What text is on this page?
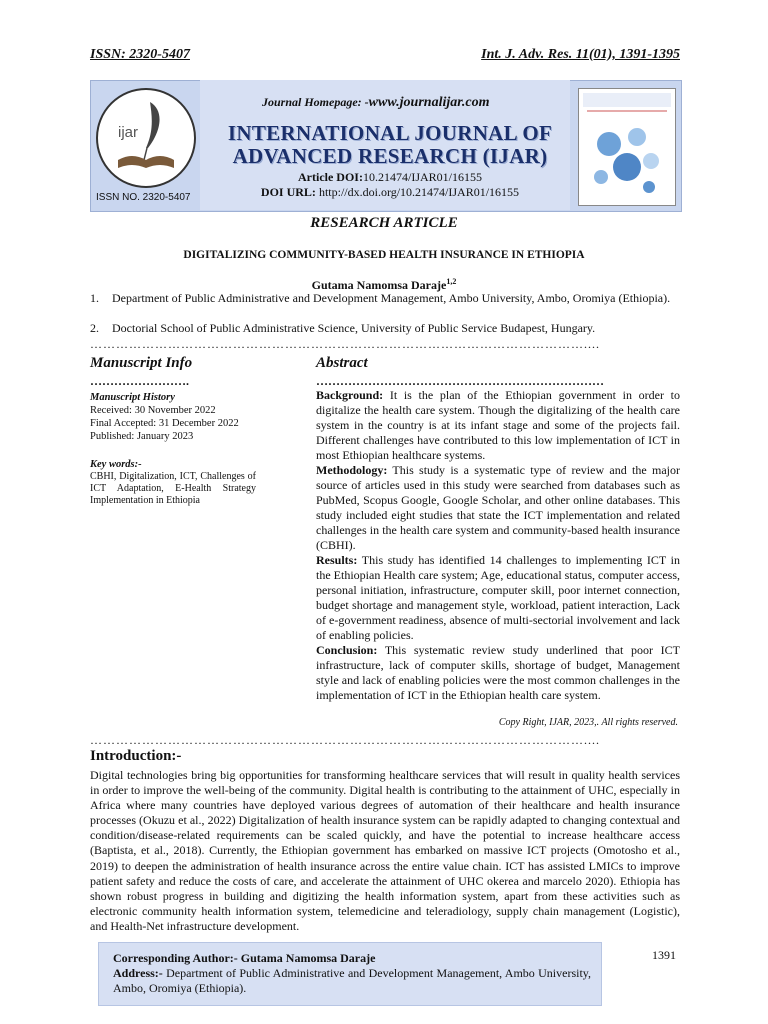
ISSN: 2320-5407	Int. J. Adv. Res. 11(01), 1391-1395
ijar
ISSN NO. 2320-5407
Journal Homepage: -www.journalijar.com
INTERNATIONAL JOURNAL OF ADVANCED RESEARCH (IJAR)
Article DOI:10.21474/IJAR01/16155
DOI URL: http://dx.doi.org/10.21474/IJAR01/16155
RESEARCH ARTICLE
DIGITALIZING COMMUNITY-BASED HEALTH INSURANCE IN ETHIOPIA
Gutama Namomsa Daraje$^{1,2}$
1. Department of Public Administrative and Development Management, Ambo University, Ambo, Oromiya (Ethiopia).
2. Doctorial School of Public Administrative Science, University of Public Service Budapest, Hungary.
……………………………………………………………………………………………………....
Manuscript Info
…………………….
Manuscript History
Received: 30 November 2022
Final Accepted: 31 December 2022
Published: January 2023
Key words:-
CBHI, Digitalization, ICT, Challenges of ICT Adaptation, E-Health Strategy Implementation in Ethiopia
Abstract
………………………………………………………………

Background: It is the plan of the Ethiopian government in order to digitalize the health care system. Though the digitalizing of the health care system in the country is at its infant stage and some of the projects fail. Different challenges have contributed to this low implementation of ICT in most Ethiopian healthcare systems.

Methodology: This study is a systematic type of review and the major source of articles used in this study were searched from databases such as PubMed, Scopus Google, Google Scholar, and other online databases. This study included eight studies that state the ICT implementation and related challenges in the health care system and community-based health insurance (CBHI).

Results: This study has identified 14 challenges to implementing ICT in the Ethiopian Health care system; Age, educational status, computer access, personal initiation, infrastructure, computer skill, poor internet connection, budget shortage and management style, workload, patient interaction, Lack of e-government readiness, absence of multi-sectorial involvement and lack of enabling policies.

Conclusion: This systematic review study underlined that poor ICT infrastructure, lack of computer skills, shortage of budget, Management style and lack of enabling policies were the most common challenges in the implementation of ICT in the Ethiopian health care system.

Copy Right, IJAR, 2023,. All rights reserved.
……………………………………………………………………………………………………....
Introduction:-
Digital technologies bring big opportunities for transforming healthcare services that will result in quality health services in order to improve the well-being of the community. Digital health is contributing to the attainment of UHC, especially in Africa where many countries have deployed various degrees of automation of their healthcare and health insurance processes (Okuzu et al., 2022) Digitalization of health insurance system can be rapidly adapted to changing contextual and condition/disease-related requirements can be scaled quickly, and have the potential to increase healthcare access (Baptista, et al., 2018). Currently, the Ethiopian government has embarked on massive ICT projects (Omotosho et al., 2019) to deepen the administration of health insurance across the entire value chain. ICT has assisted LMICs to improve patient safety and reduce the costs of care, and accelerate the attainment of UHC okerea and marcelo 2020). Ethiopia has shown robust progress in building and digitizing the health information system, apart from these activities such as electronic community health information system, telemedicine and teleradiology, supply chain management (Logistic), and Health-Net infrastructure development.
Corresponding Author:- Gutama Namomsa Daraje
Address:- Department of Public Administrative and Development Management, Ambo University, Ambo, Oromiya (Ethiopia).
1391
